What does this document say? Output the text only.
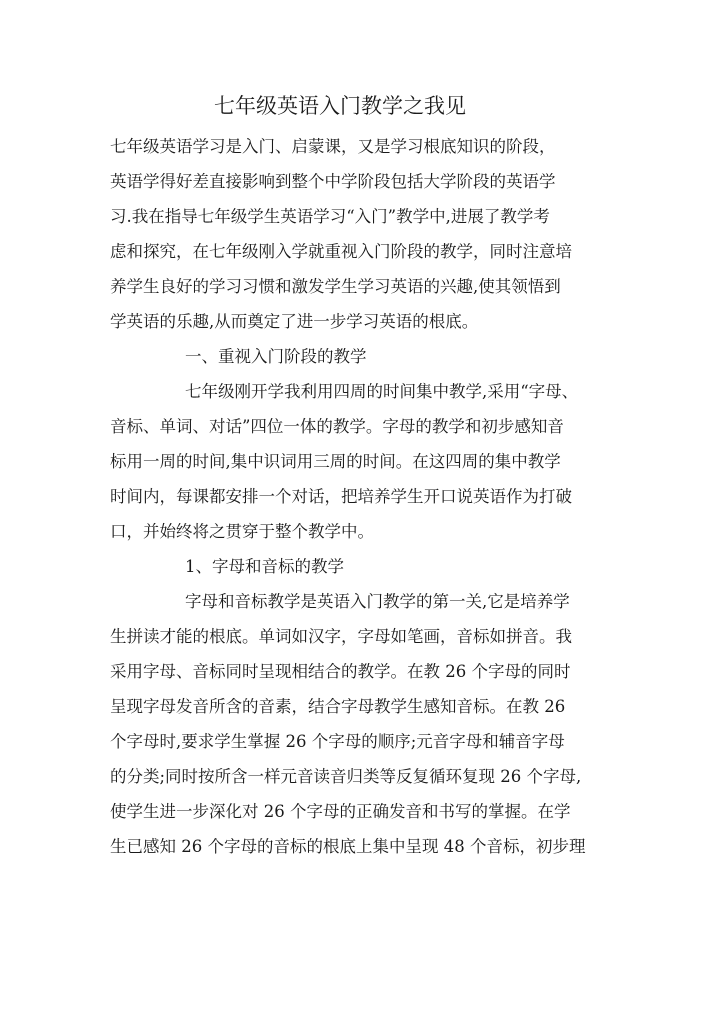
七年级英语入门教学之我见
七年级英语学习是入门、启蒙课，又是学习根底知识的阶段，
英语学得好差直接影响到整个中学阶段包括大学阶段的英语学
习.我在指导七年级学生英语学习“入门”教学中,进展了教学考
虑和探究，在七年级刚入学就重视入门阶段的教学，同时注意培
养学生良好的学习习惯和激发学生学习英语的兴趣,使其领悟到
学英语的乐趣,从而奠定了进一步学习英语的根底。
一、重视入门阶段的教学
七年级刚开学我利用四周的时间集中教学,采用“字母、
音标、单词、对话”四位一体的教学。字母的教学和初步感知音
标用一周的时间,集中识词用三周的时间。在这四周的集中教学
时间内，每课都安排一个对话，把培养学生开口说英语作为打破
口，并始终将之贯穿于整个教学中。
1、字母和音标的教学
字母和音标教学是英语入门教学的第一关,它是培养学
生拼读才能的根底。单词如汉字，字母如笔画，音标如拼音。我
采用字母、音标同时呈现相结合的教学。在教 26 个字母的同时
呈现字母发音所含的音素，结合字母教学生感知音标。在教 26
个字母时,要求学生掌握 26 个字母的顺序;元音字母和辅音字母
的分类;同时按所含一样元音读音归类等反复循环复现 26 个字母,
使学生进一步深化对 26 个字母的正确发音和书写的掌握。在学
生已感知 26 个字母的音标的根底上集中呈现 48 个音标，初步理
